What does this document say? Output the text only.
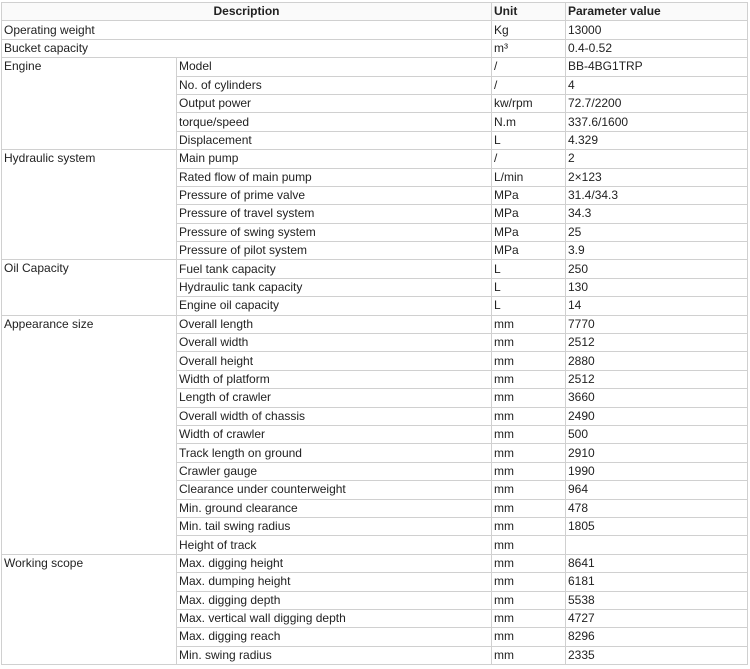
Description		Unit	Parameter value
Operating weight		Kg	13000
Bucket capacity		m³	0.4-0.52
Engine	Model	/	BB-4BG1TRP
	No. of cylinders	/	4
	Output power	kw/rpm	72.7/2200
	torque/speed	N.m	337.6/1600
	Displacement	L	4.329
Hydraulic system	Main pump	/	2
	Rated flow of main pump	L/min	2×123
	Pressure of prime valve	MPa	31.4/34.3
	Pressure of travel system	MPa	34.3
	Pressure of swing system	MPa	25
	Pressure of pilot system	MPa	3.9
Oil Capacity	Fuel tank capacity	L	250
	Hydraulic tank capacity	L	130
	Engine oil capacity	L	14
Appearance size	Overall length	mm	7770
	Overall width	mm	2512
	Overall height	mm	2880
	Width of platform	mm	2512
	Length of crawler	mm	3660
	Overall width of chassis	mm	2490
	Width of crawler	mm	500
	Track length on ground	mm	2910
	Crawler gauge	mm	1990
	Clearance under counterweight	mm	964
	Min. ground clearance	mm	478
	Min. tail swing radius	mm	1805
	Height of track	mm	
Working scope	Max. digging height	mm	8641
	Max. dumping height	mm	6181
	Max. digging depth	mm	5538
	Max. vertical wall digging depth	mm	4727
	Max. digging reach	mm	8296
	Min. swing radius	mm	2335
